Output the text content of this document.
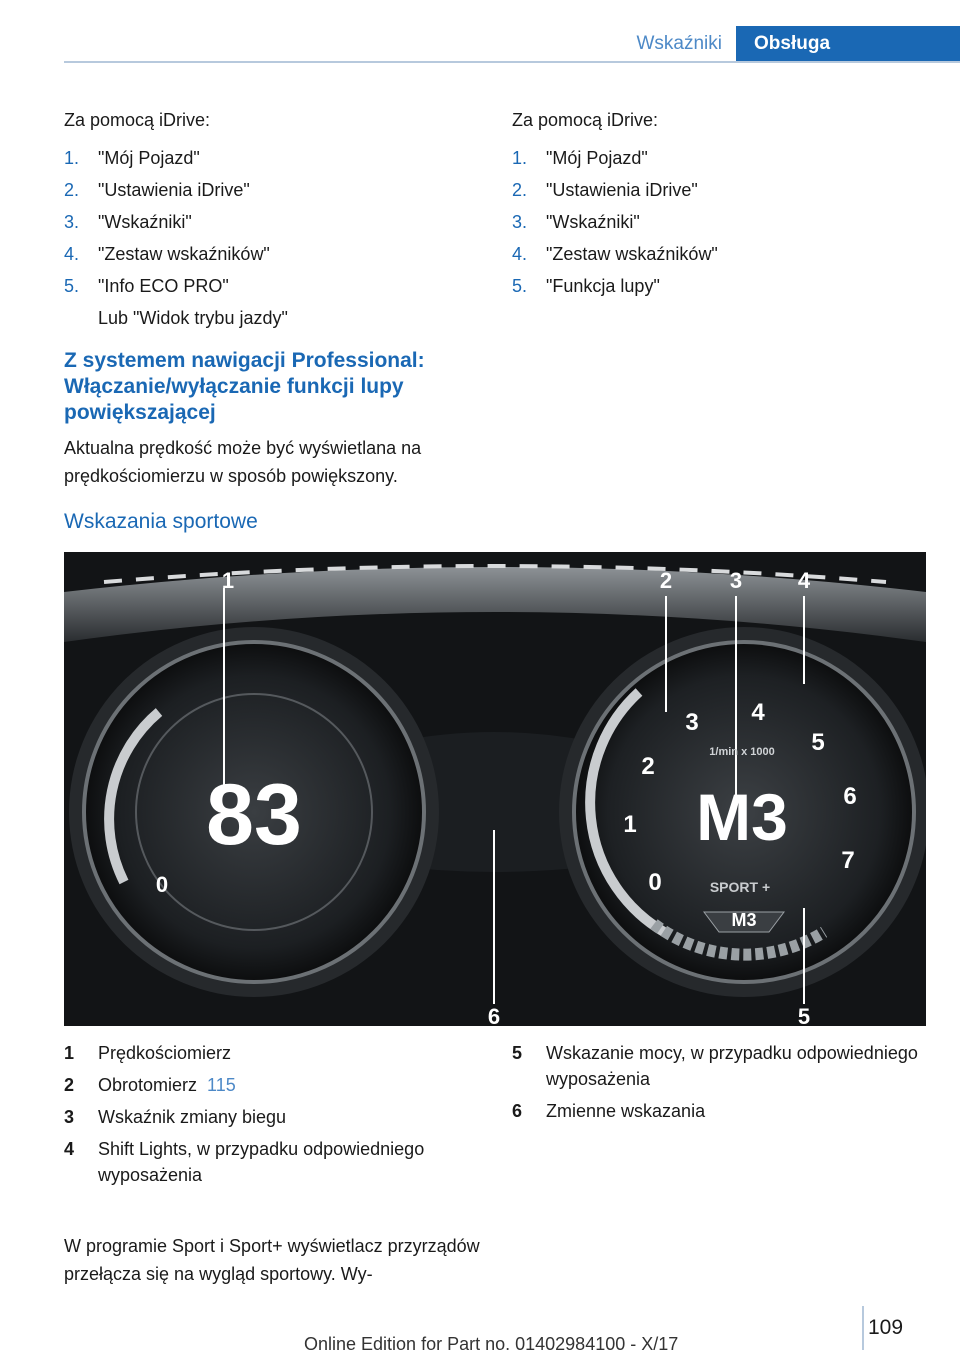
Wskaźniki	Obsługa

Za pomocą iDrive:

1. "Mój Pojazd"
2. "Ustawienia iDrive"
3. "Wskaźniki"
4. "Zestaw wskaźników"
5. "Info ECO PRO"

Lub "Widok trybu jazdy"

Z systemem nawigacji Professional: Włączanie/wyłączanie funkcji lupy powiększającej

Aktualna prędkość może być wyświetlana na prędkościomierzu w sposób powiększony.

Za pomocą iDrive:

1. "Mój Pojazd"
2. "Ustawienia iDrive"
3. "Wskaźniki"
4. "Zestaw wskaźników"
5. "Funkcja lupy"
Wskazania sportowe
83
0
M3
SPORT +
M3
1/min x 1000
0
1
2
3 4
5
6
7
1	2	3	4
5
6
1	Prędkościomierz
2	Obrotomierz 115
3	Wskaźnik zmiany biegu
4	Shift Lights, w przypadku odpowiedniego wyposażenia
5	Wskazanie mocy, w przypadku odpowiedniego wyposażenia
6	Zmienne wskazania

W programie Sport i Sport+ wyświetlacz przyrządów przełącza się na wygląd sportowy. Wy-

109
Online Edition for Part no. 01402984100 - X/17
